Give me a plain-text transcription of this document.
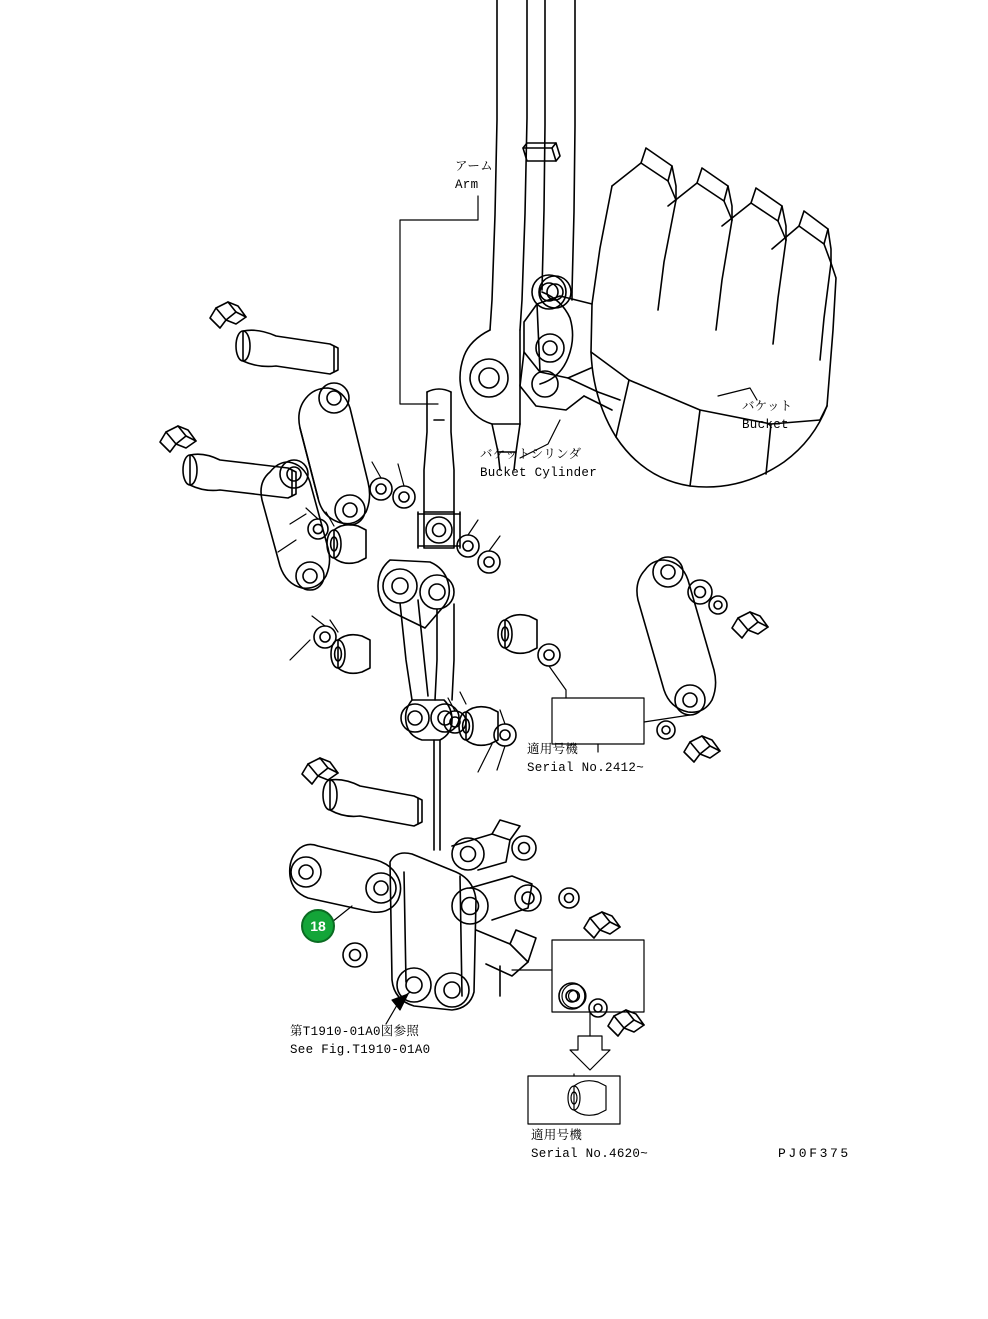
アーム
Arm
バケット
Bucket
バケットシリンダ
Bucket Cylinder
適用号機
Serial No.2412~
第T1910-01A0図参照
See Fig.T1910-01A0
適用号機
Serial No.4620~
18
PJ0F375
